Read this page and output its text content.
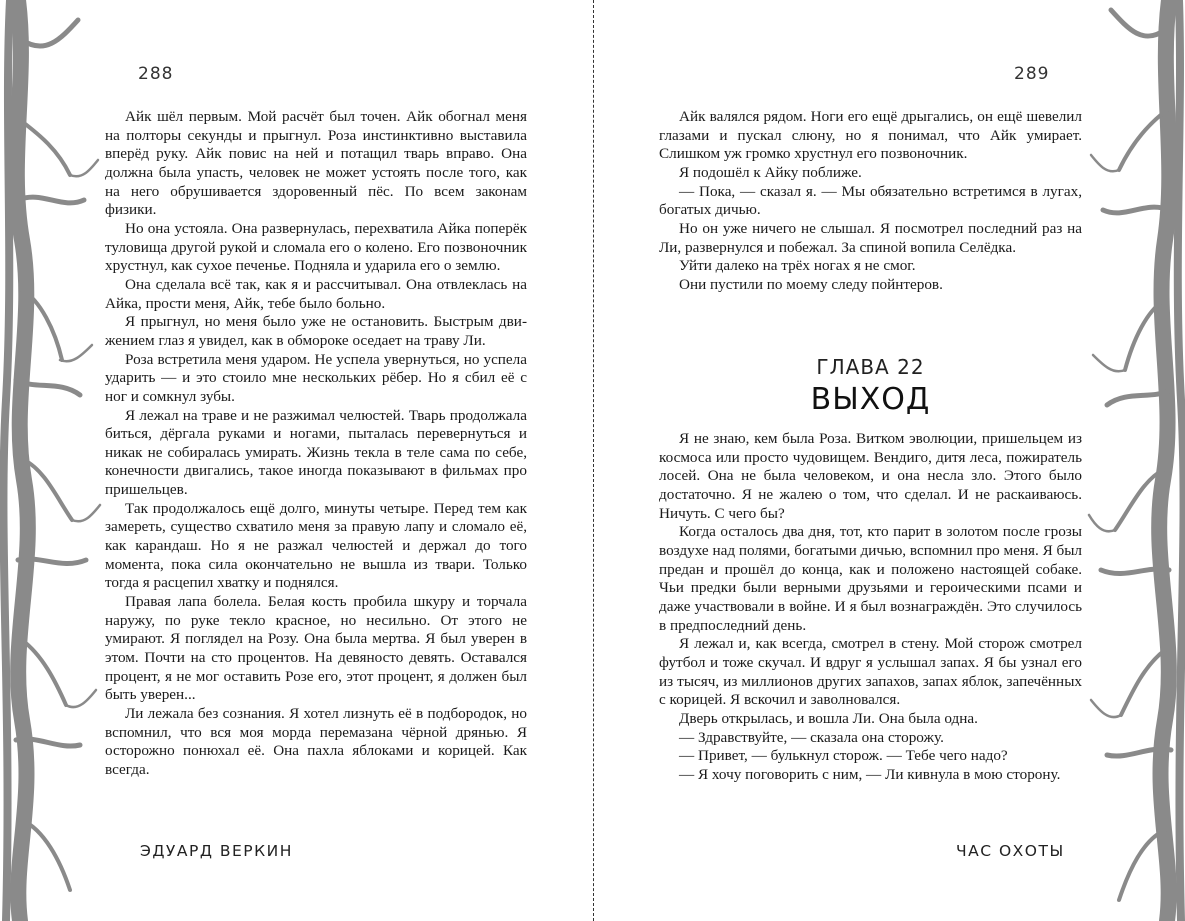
288

Айк шёл первым. Мой расчёт был точен. Айк обогнал меня на полторы секунды и прыгнул. Роза инстинктивно выставила вперёд руку. Айк повис на ней и потащил тварь вправо. Она должна была упасть, человек не может устоять после того, как на него обрушивается здоровенный пёс. По всем законам физики.

Но она устояла. Она развернулась, перехватила Айка поперёк туловища другой рукой и сломала его о колено. Его позвоночник хрустнул, как сухое печенье. Подняла и ударила его о землю.

Она сделала всё так, как я и рассчитывал. Она отвлеклась на Айка, прости меня, Айк, тебе было больно.

Я прыгнул, но меня было уже не остановить. Быстрым движением глаз я увидел, как в обмороке оседает на траву Ли.

Роза встретила меня ударом. Не успела увернуться, но успела ударить — и это стоило мне нескольких рёбер. Но я сбил её с ног и сомкнул зубы.

Я лежал на траве и не разжимал челюстей. Тварь продолжала биться, дёргала руками и ногами, пыталась перевернуться и никак не собиралась умирать. Жизнь текла в теле сама по себе, конечности двигались, такое иногда показывают в фильмах про пришельцев.

Так продолжалось ещё долго, минуты четыре. Перед тем как замереть, существо схватило меня за правую лапу и сломало её, как карандаш. Но я не разжал челюстей и держал до того момента, пока сила окончательно не вышла из твари. Только тогда я расцепил хватку и поднялся.

Правая лапа болела. Белая кость пробила шкуру и торчала наружу, по руке текло красное, но несильно. От этого не умирают. Я поглядел на Розу. Она была мертва. Я был уверен в этом. Почти на сто процентов. На девяносто девять. Оставался процент, я не мог оставить Розе его, этот процент, я должен был быть уверен...

Ли лежала без сознания. Я хотел лизнуть её в подбородок, но вспомнил, что вся моя морда перемазана чёрной дрянью. Я осторожно понюхал её. Она пахла яблоками и корицей. Как всегда.

ЭДУАРД ВЕРКИН
289

Айк валялся рядом. Ноги его ещё дрыгались, он ещё шевелил глазами и пускал слюну, но я понимал, что Айк умирает. Слишком уж громко хрустнул его позвоночник.

Я подошёл к Айку поближе.

— Пока, — сказал я. — Мы обязательно встретимся в лугах, богатых дичью.

Но он уже ничего не слышал. Я посмотрел последний раз на Ли, развернулся и побежал. За спиной вопила Селёдка.

Уйти далеко на трёх ногах я не смог.

Они пустили по моему следу пойнтеров.

ГЛАВА 22
ВЫХОД

Я не знаю, кем была Роза. Витком эволюции, пришельцем из космоса или просто чудовищем. Вендиго, дитя леса, пожиратель лосей. Она не была человеком, и она несла зло. Этого было достаточно. Я не жалею о том, что сделал. И не раскаиваюсь. Ничуть. С чего бы?

Когда осталось два дня, тот, кто парит в золотом после грозы воздухе над полями, богатыми дичью, вспомнил про меня. Я был предан и прошёл до конца, как и положено настоящей собаке. Чьи предки были верными друзьями и героическими псами и даже участвовали в войне. И я был вознаграждён. Это случилось в предпоследний день.

Я лежал и, как всегда, смотрел в стену. Мой сторож смотрел футбол и тоже скучал. И вдруг я услышал запах. Я бы узнал его из тысяч, из миллионов других запахов, запах яблок, запечённых с корицей. Я вскочил и заволновался.

Дверь открылась, и вошла Ли. Она была одна.

— Здравствуйте, — сказала она сторожу.

— Привет, — булькнул сторож. — Тебе чего надо?

— Я хочу поговорить с ним, — Ли кивнула в мою сторону.

ЧАС ОХОТЫ
